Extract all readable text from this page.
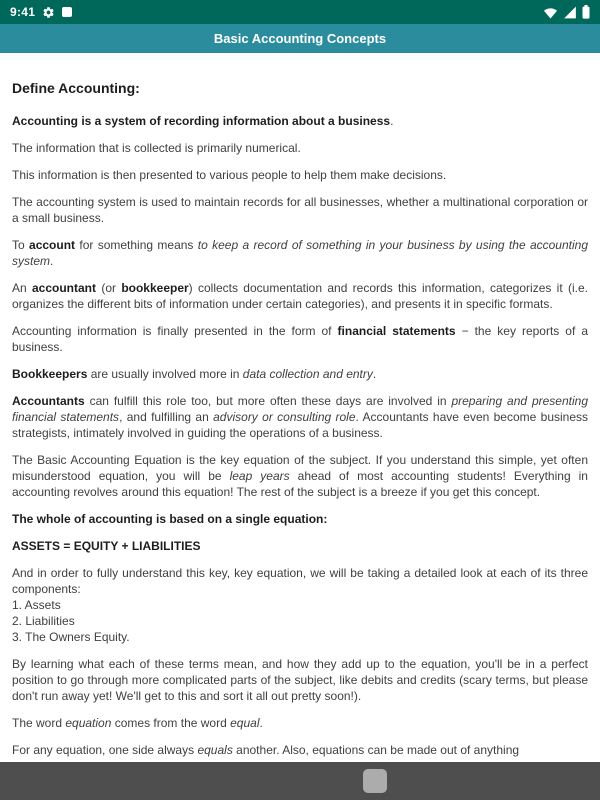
9:41
Basic Accounting Concepts

Define Accounting:

Accounting is a system of recording information about a business.

The information that is collected is primarily numerical.

This information is then presented to various people to help them make decisions.

The accounting system is used to maintain records for all businesses, whether a multinational corporation or a small business.

To account for something means to keep a record of something in your business by using the accounting system.

An accountant (or bookkeeper) collects documentation and records this information, categorizes it (i.e. organizes the different bits of information under certain categories), and presents it in specific formats.

Accounting information is finally presented in the form of financial statements − the key reports of a business.

Bookkeepers are usually involved more in data collection and entry.

Accountants can fulfill this role too, but more often these days are involved in preparing and presenting financial statements, and fulfilling an advisory or consulting role. Accountants have even become business strategists, intimately involved in guiding the operations of a business.

The Basic Accounting Equation is the key equation of the subject. If you understand this simple, yet often misunderstood equation, you will be leap years ahead of most accounting students! Everything in accounting revolves around this equation! The rest of the subject is a breeze if you get this concept.

The whole of accounting is based on a single equation:

ASSETS = EQUITY + LIABILITIES

And in order to fully understand this key, key equation, we will be taking a detailed look at each of its three components:
1. Assets
2. Liabilities
3. The Owners Equity.

By learning what each of these terms mean, and how they add up to the equation, you'll be in a perfect position to go through more complicated parts of the subject, like debits and credits (scary terms, but please don't run away yet! We'll get to this and sort it all out pretty soon!).

The word equation comes from the word equal.

For any equation, one side always equals another. Also, equations can be made out of anything
